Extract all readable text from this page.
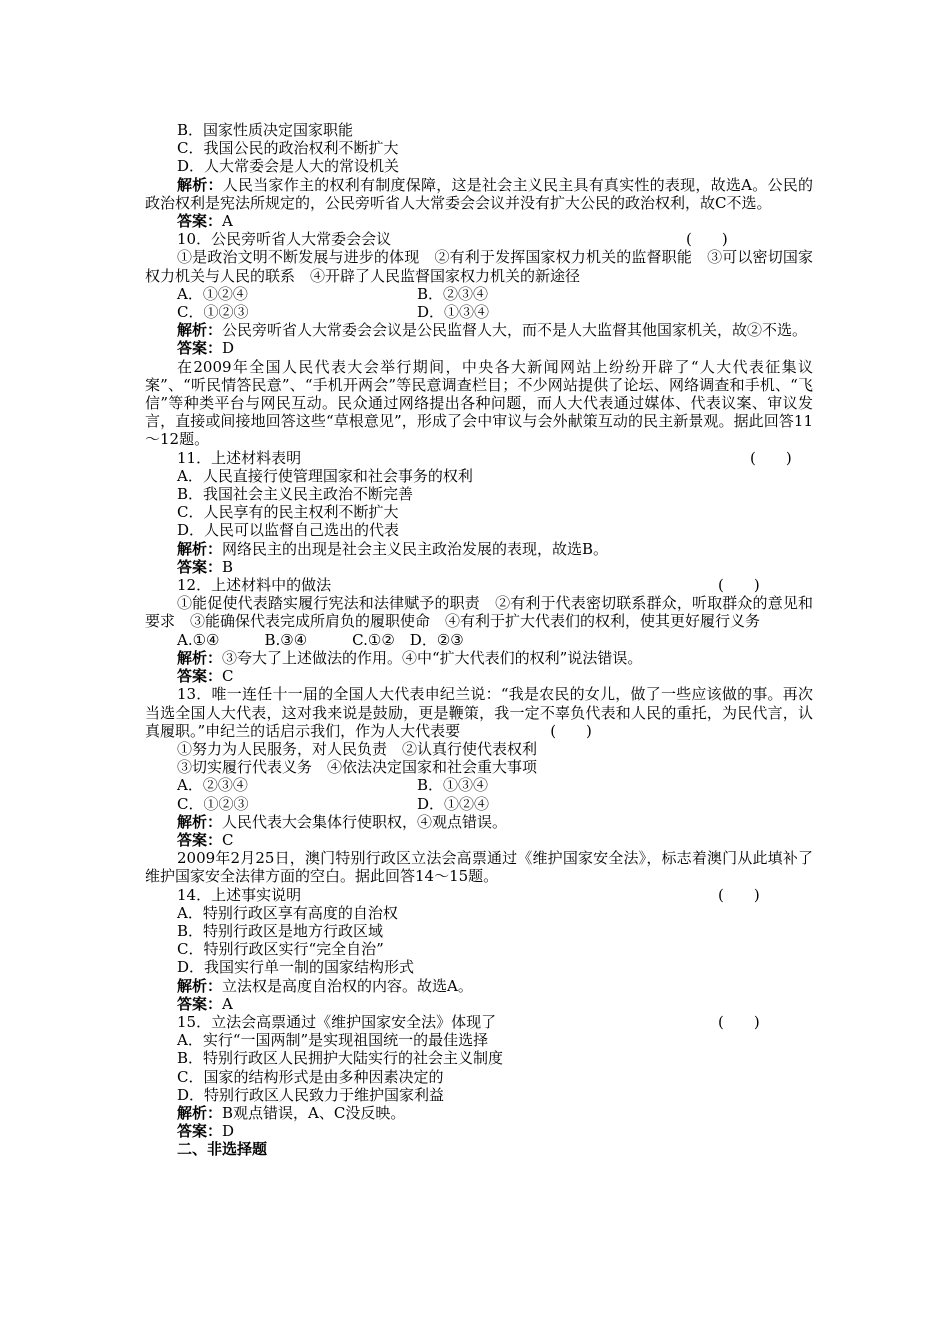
B．国家性质决定国家职能
C．我国公民的政治权利不断扩大
D．人大常委会是人大的常设机关
解析：人民当家作主的权利有制度保障，这是社会主义民主具有真实性的表现，故选A。公民的政治权利是宪法所规定的，公民旁听省人大常委会会议并没有扩大公民的政治权利，故C不选。
答案：A
10．公民旁听省人大常委会会议	(　　)
①是政治文明不断发展与进步的体现　②有利于发挥国家权力机关的监督职能　③可以密切国家权力机关与人民的联系　④开辟了人民监督国家权力机关的新途径
A．①②④	B．②③④
C．①②③	D．①③④
解析：公民旁听省人大常委会会议是公民监督人大，而不是人大监督其他国家机关，故②不选。
答案：D
在2009年全国人民代表大会举行期间，中央各大新闻网站上纷纷开辟了“人大代表征集议案”、“听民情答民意”、“手机开两会”等民意调查栏目；不少网站提供了论坛、网络调查和手机、“飞信”等种类平台与网民互动。民众通过网络提出各种问题，而人大代表通过媒体、代表议案、审议发言，直接或间接地回答这些“草根意见”，形成了会中审议与会外献策互动的民主新景观。据此回答11～12题。
11．上述材料表明	(　　)
A．人民直接行使管理国家和社会事务的权利
B．我国社会主义民主政治不断完善
C．人民享有的民主权利不断扩大
D．人民可以监督自己选出的代表
解析：网络民主的出现是社会主义民主政治发展的表现，故选B。
答案：B
12．上述材料中的做法	(　　)
①能促使代表踏实履行宪法和法律赋予的职责　②有利于代表密切联系群众，听取群众的意见和要求　③能确保代表完成所肩负的履职使命　④有利于扩大代表们的权利，使其更好履行义务
A.①④　　　B.③④　　　C.①②　D．②③
解析：③夸大了上述做法的作用。④中“扩大代表们的权利”说法错误。
答案：C
13．唯一连任十一届的全国人大代表申纪兰说：“我是农民的女儿，做了一些应该做的事。再次当选全国人大代表，这对我来说是鼓励，更是鞭策，我一定不辜负代表和人民的重托，为民代言，认真履职。”申纪兰的话启示我们，作为人大代表要　　　　　　	(　　)
①努力为人民服务，对人民负责　②认真行使代表权利
③切实履行代表义务　④依法决定国家和社会重大事项
A．②③④	B．①③④
C．①②③	D．①②④
解析：人民代表大会集体行使职权，④观点错误。
答案：C
2009年2月25日，澳门特别行政区立法会高票通过《维护国家安全法》，标志着澳门从此填补了维护国家安全法律方面的空白。据此回答14～15题。
14．上述事实说明	(　　)
A．特别行政区享有高度的自治权
B．特别行政区是地方行政区域
C．特别行政区实行“完全自治”
D．我国实行单一制的国家结构形式
解析：立法权是高度自治权的内容。故选A。
答案：A
15．立法会高票通过《维护国家安全法》体现了	(　　)
A．实行“一国两制”是实现祖国统一的最佳选择
B．特别行政区人民拥护大陆实行的社会主义制度
C．国家的结构形式是由多种因素决定的
D．特别行政区人民致力于维护国家利益
解析：B观点错误，A、C没反映。
答案：D
二、非选择题
